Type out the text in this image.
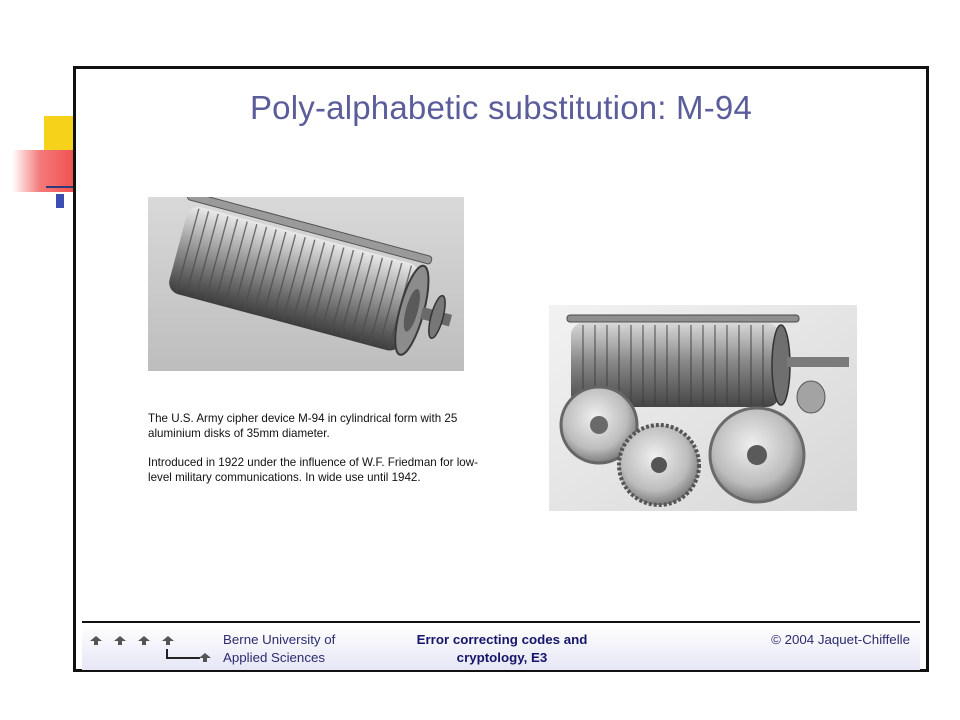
Poly-alphabetic substitution: M-94

The U.S. Army cipher device M-94 in cylindrical form with 25 aluminium disks of 35mm diameter.

Introduced in 1922 under the influence of W.F. Friedman for low-level military communications. In wide use until 1942.

Berne University of
Applied Sciences
Error correcting codes and
cryptology, E3
© 2004 Jaquet-Chiffelle
